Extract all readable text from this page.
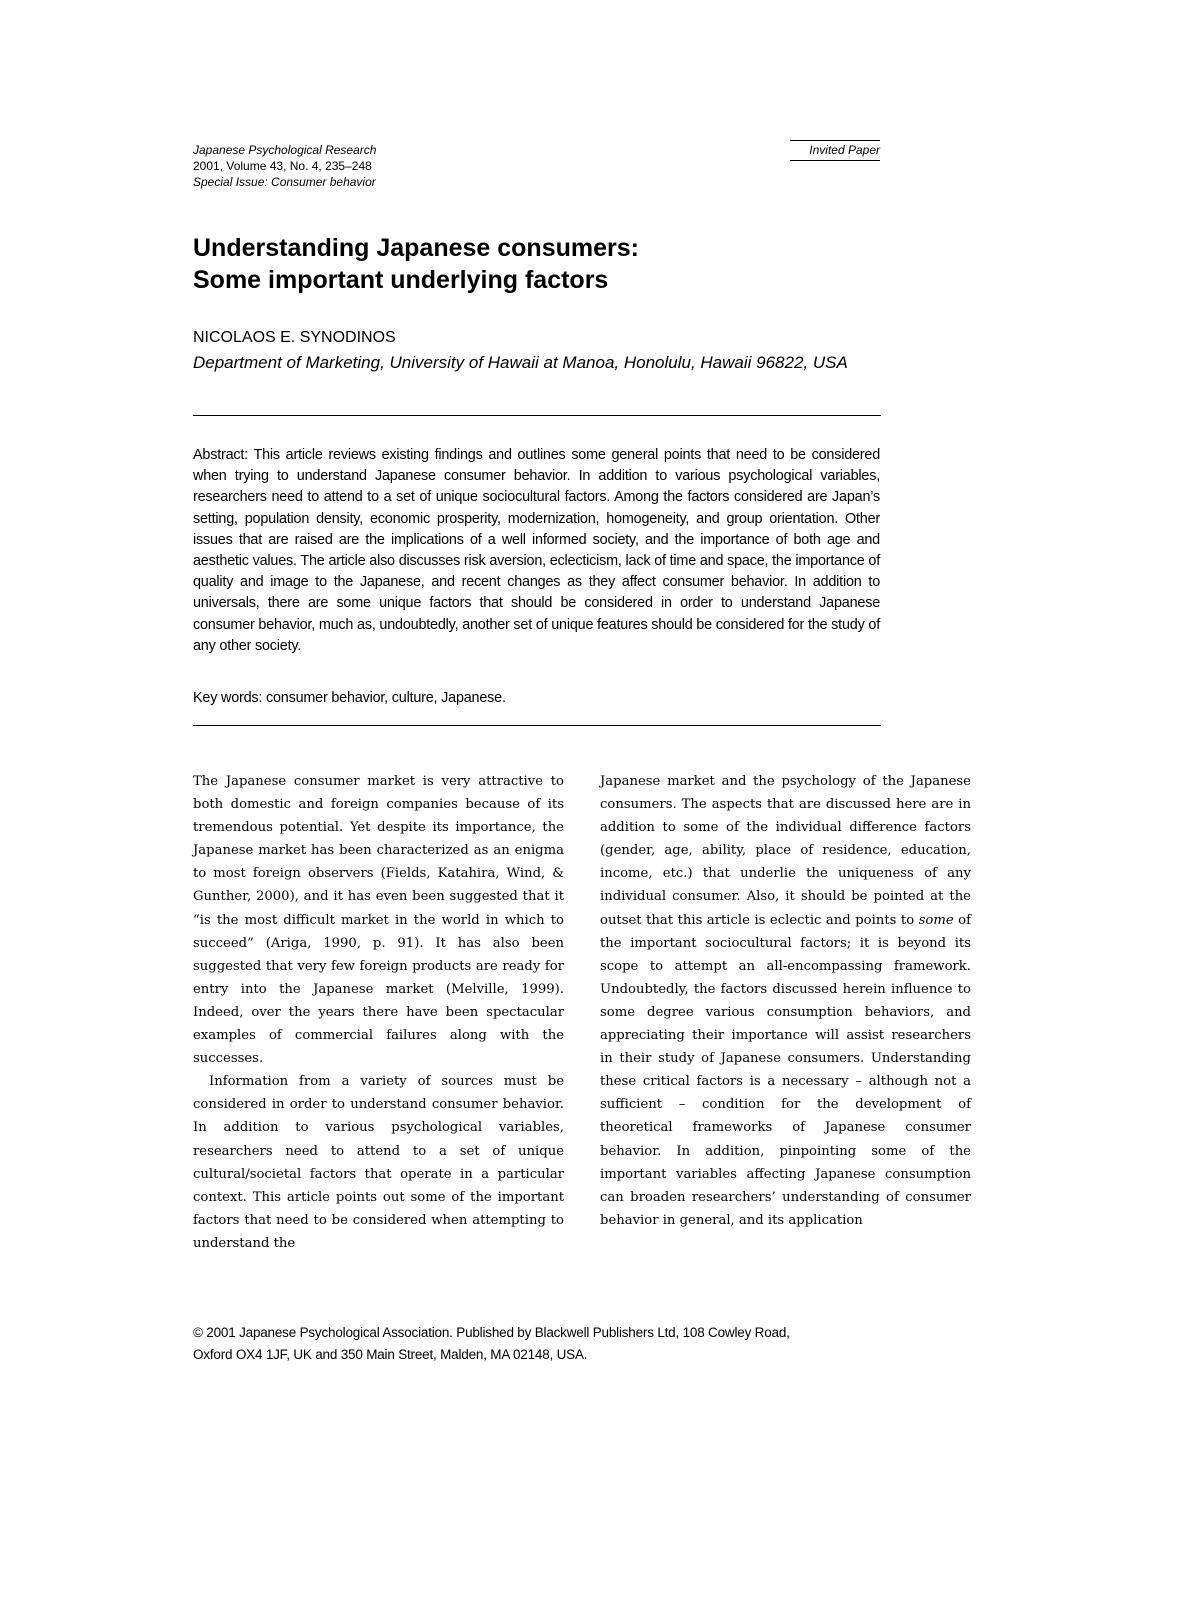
Japanese Psychological Research
2001, Volume 43, No. 4, 235–248
Special Issue: Consumer behavior
Invited Paper
Understanding Japanese consumers:
Some important underlying factors
NICOLAOS E. SYNODINOS
Department of Marketing, University of Hawaii at Manoa, Honolulu, Hawaii 96822, USA

Abstract: This article reviews existing findings and outlines some general points that need to be considered when trying to understand Japanese consumer behavior. In addition to various psychological variables, researchers need to attend to a set of unique sociocultural factors. Among the factors considered are Japan’s setting, population density, economic prosperity, modernization, homogeneity, and group orientation. Other issues that are raised are the implications of a well informed society, and the importance of both age and aesthetic values. The article also discusses risk aversion, eclecticism, lack of time and space, the importance of quality and image to the Japanese, and recent changes as they affect consumer behavior. In addition to universals, there are some unique factors that should be considered in order to understand Japanese consumer behavior, much as, undoubtedly, another set of unique features should be considered for the study of any other society.

Key words: consumer behavior, culture, Japanese.

The Japanese consumer market is very attractive to both domestic and foreign companies because of its tremendous potential. Yet despite its importance, the Japanese market has been characterized as an enigma to most foreign observers (Fields, Katahira, Wind, & Gunther, 2000), and it has even been suggested that it “is the most difficult market in the world in which to succeed” (Ariga, 1990, p. 91). It has also been suggested that very few foreign products are ready for entry into the Japanese market (Melville, 1999). Indeed, over the years there have been spectacular examples of commercial failures along with the successes.

Information from a variety of sources must be considered in order to understand consumer behavior. In addition to various psychological variables, researchers need to attend to a set of unique cultural/societal factors that operate in a particular context. This article points out some of the important factors that need to be considered when attempting to understand the

Japanese market and the psychology of the Japanese consumers. The aspects that are discussed here are in addition to some of the individual difference factors (gender, age, ability, place of residence, education, income, etc.) that underlie the uniqueness of any individual consumer. Also, it should be pointed at the outset that this article is eclectic and points to some of the important sociocultural factors; it is beyond its scope to attempt an all-encompassing framework. Undoubtedly, the factors discussed herein influence to some degree various consumption behaviors, and appreciating their importance will assist researchers in their study of Japanese consumers. Understanding these critical factors is a necessary – although not a sufficient – condition for the development of theoretical frameworks of Japanese consumer behavior. In addition, pinpointing some of the important variables affecting Japanese consumption can broaden researchers’ understanding of consumer behavior in general, and its application

© 2001 Japanese Psychological Association. Published by Blackwell Publishers Ltd, 108 Cowley Road,
Oxford OX4 1JF, UK and 350 Main Street, Malden, MA 02148, USA.
